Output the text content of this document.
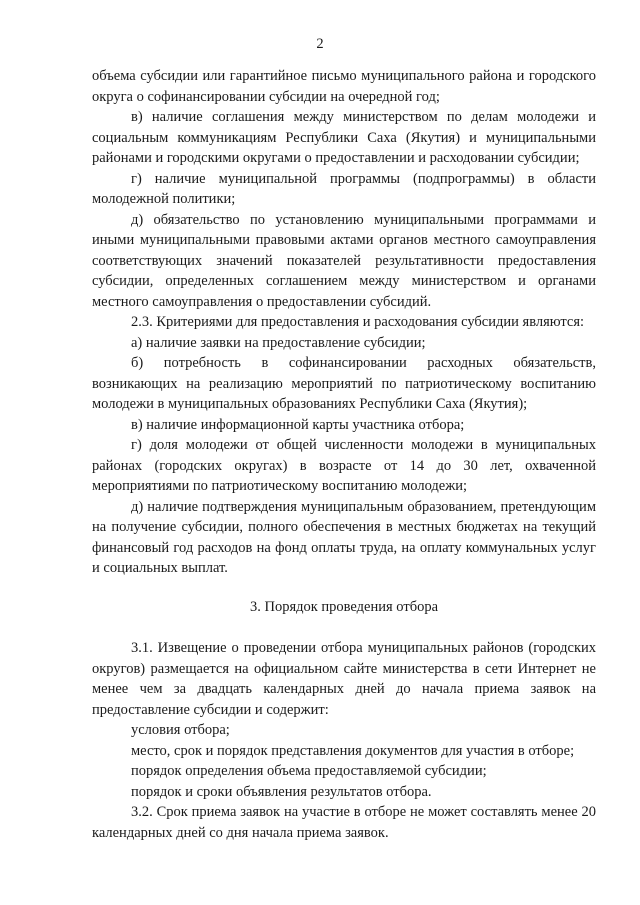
2

объема субсидии или гарантийное письмо муниципального района и городского округа о софинансировании субсидии на очередной год;

в) наличие соглашения между министерством по делам молодежи и социальным коммуникациям Республики Саха (Якутия) и муниципальными районами и городскими округами о предоставлении и расходовании субсидии;

г) наличие муниципальной программы (подпрограммы) в области молодежной политики;

д) обязательство по установлению муниципальными программами и иными муниципальными правовыми актами органов местного самоуправления соответствующих значений показателей результативности предоставления субсидии, определенных соглашением между министерством и органами местного самоуправления о предоставлении субсидий.

2.3. Критериями для предоставления и расходования субсидии являются:

а) наличие заявки на предоставление субсидии;

б) потребность в софинансировании расходных обязательств, возникающих на реализацию мероприятий по патриотическому воспитанию молодежи в муниципальных образованиях Республики Саха (Якутия);

в) наличие информационной карты участника отбора;

г) доля молодежи от общей численности молодежи в муниципальных районах (городских округах) в возрасте от 14 до 30 лет, охваченной мероприятиями по патриотическому воспитанию молодежи;

д) наличие подтверждения муниципальным образованием, претендующим на получение субсидии, полного обеспечения в местных бюджетах на текущий финансовый год расходов на фонд оплаты труда, на оплату коммунальных услуг и социальных выплат.

3. Порядок проведения отбора

3.1. Извещение о проведении отбора муниципальных районов (городских округов) размещается на официальном сайте министерства в сети Интернет не менее чем за двадцать календарных дней до начала приема заявок на предоставление субсидии и содержит:

условия отбора;

место, срок и порядок представления документов для участия в отборе;

порядок определения объема предоставляемой субсидии;

порядок и сроки объявления результатов отбора.

3.2. Срок приема заявок на участие в отборе не может составлять менее 20 календарных дней со дня начала приема заявок.
